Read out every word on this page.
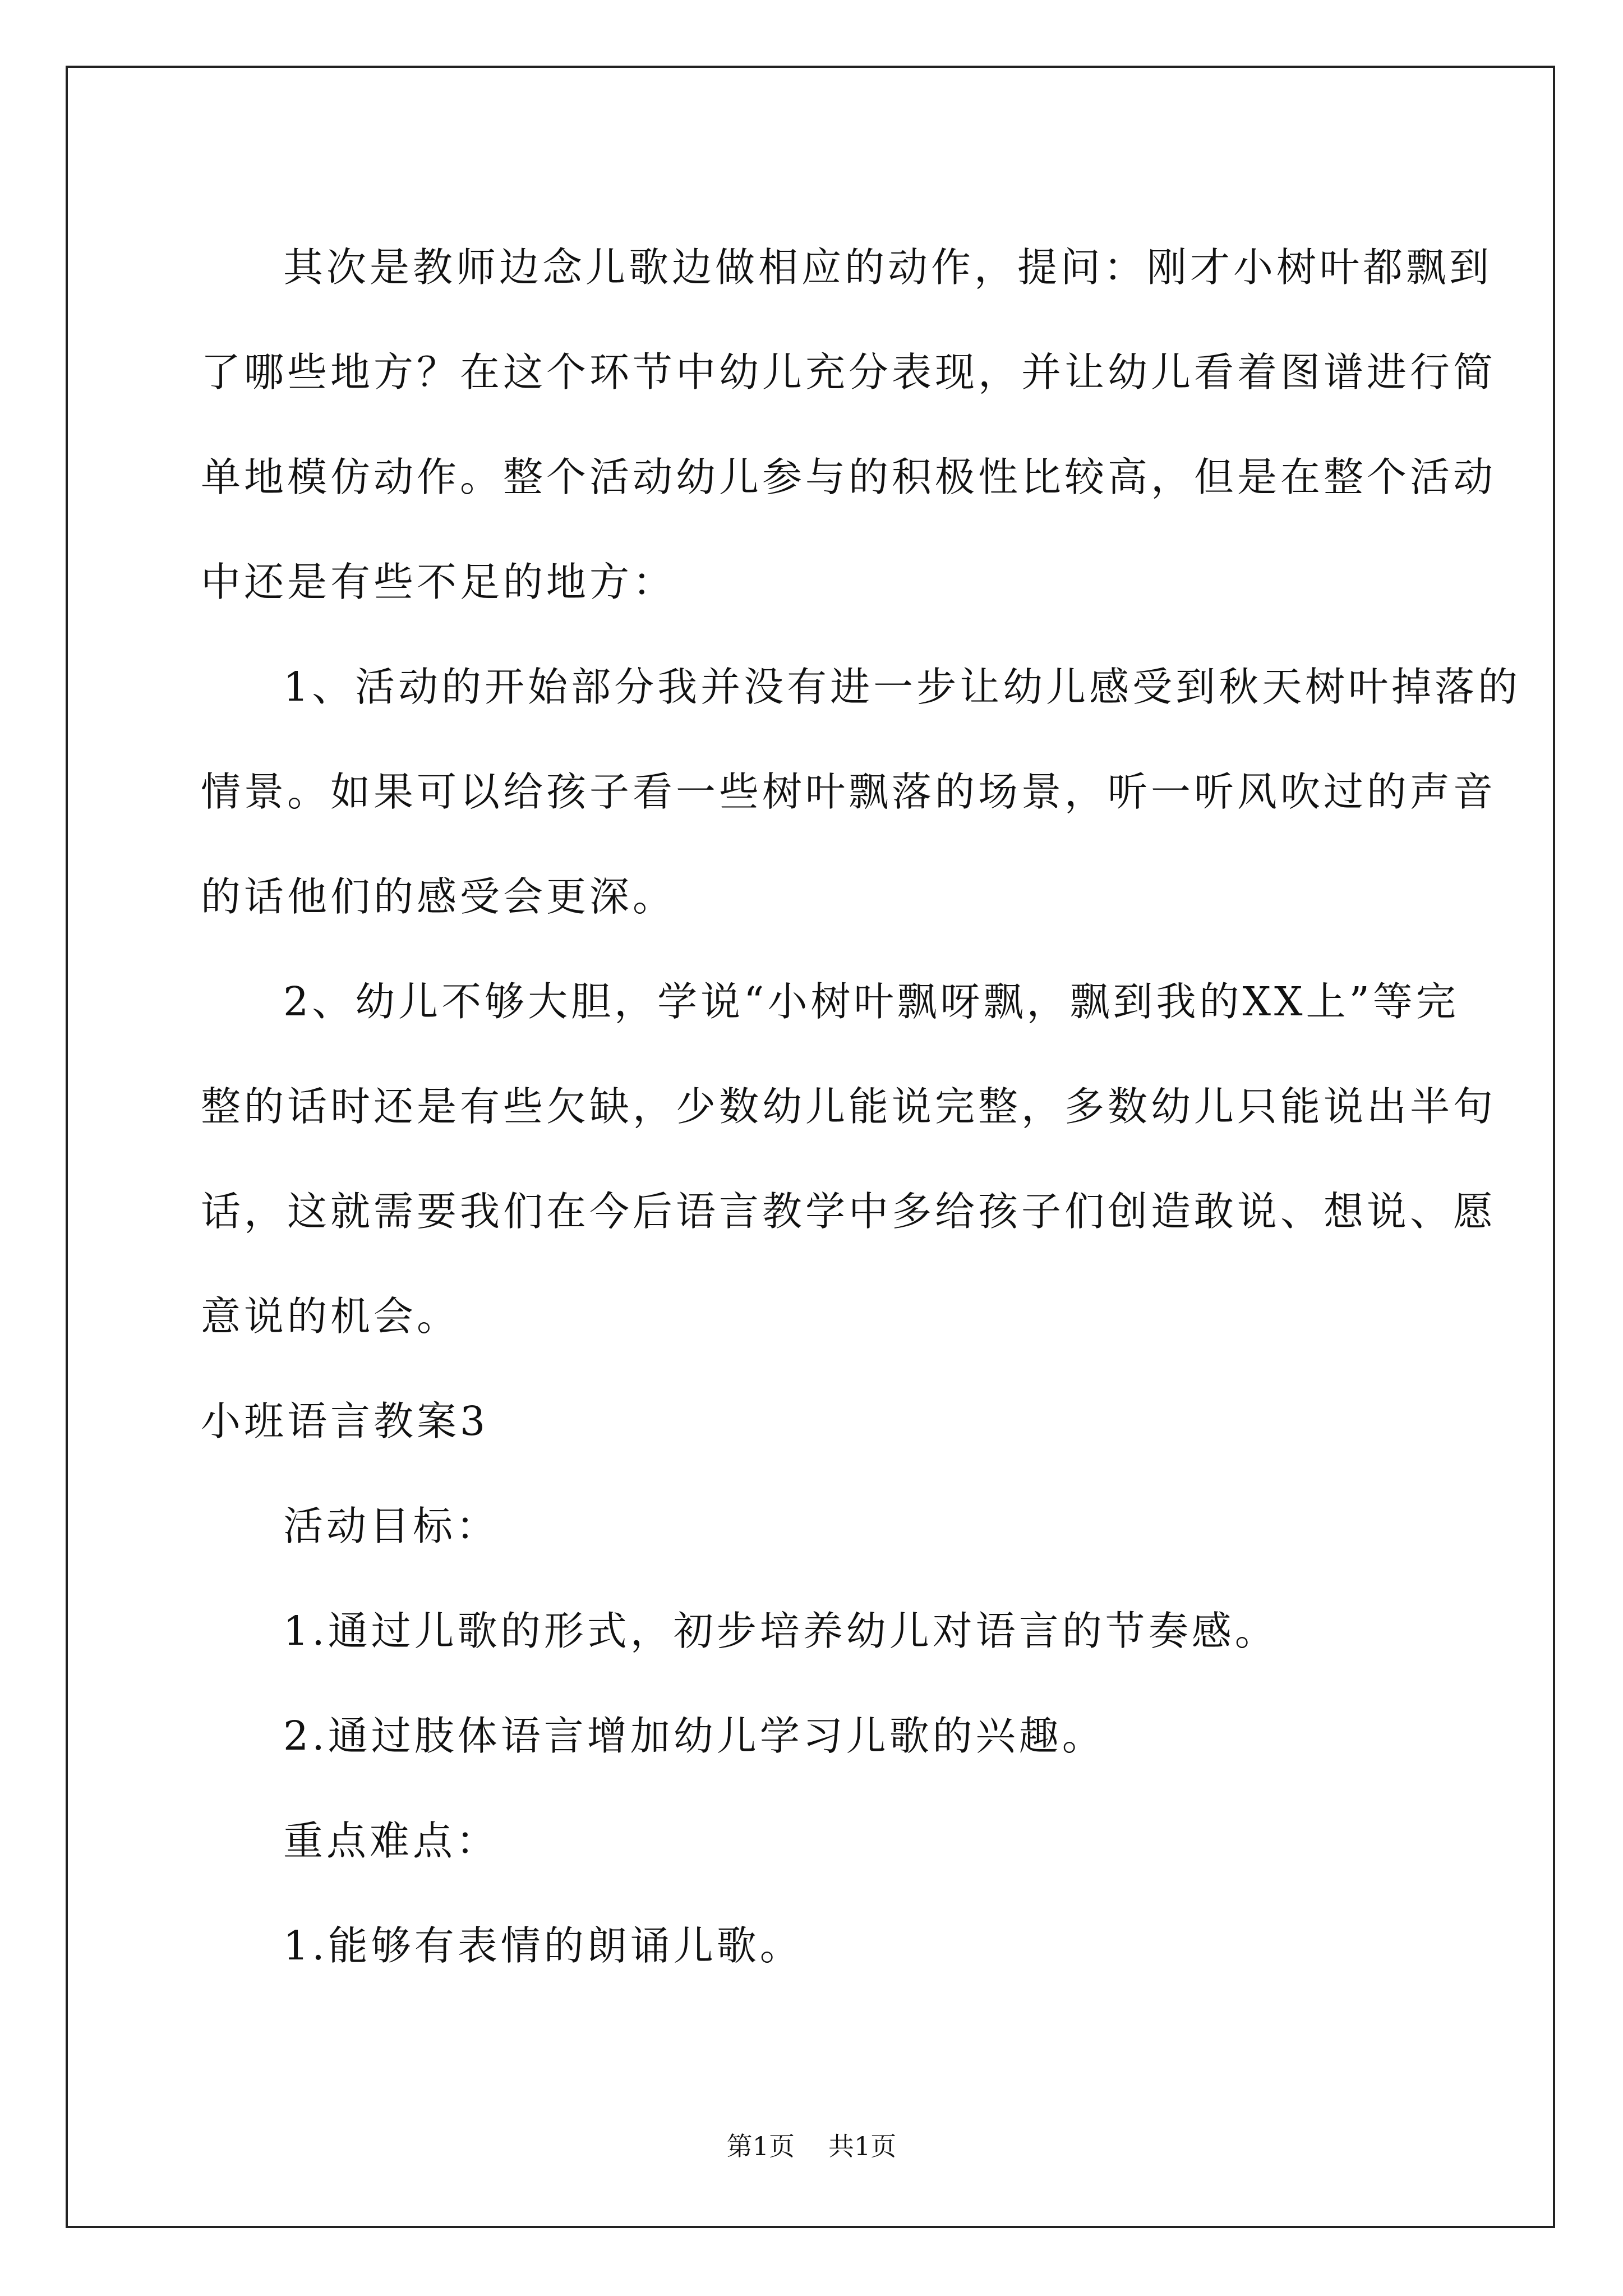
其次是教师边念儿歌边做相应的动作，提问：刚才小树叶都飘到
了哪些地方？在这个环节中幼儿充分表现，并让幼儿看着图谱进行简
单地模仿动作。整个活动幼儿参与的积极性比较高，但是在整个活动
中还是有些不足的地方：
1、活动的开始部分我并没有进一步让幼儿感受到秋天树叶掉落的
情景。如果可以给孩子看一些树叶飘落的场景，听一听风吹过的声音
的话他们的感受会更深。
2、幼儿不够大胆，学说“小树叶飘呀飘，飘到我的XX上”等完
整的话时还是有些欠缺，少数幼儿能说完整，多数幼儿只能说出半句
话，这就需要我们在今后语言教学中多给孩子们创造敢说、想说、愿
意说的机会。
小班语言教案3
活动目标：
1.通过儿歌的形式，初步培养幼儿对语言的节奏感。
2.通过肢体语言增加幼儿学习儿歌的兴趣。
重点难点：
1.能够有表情的朗诵儿歌。
第1页 共1页
